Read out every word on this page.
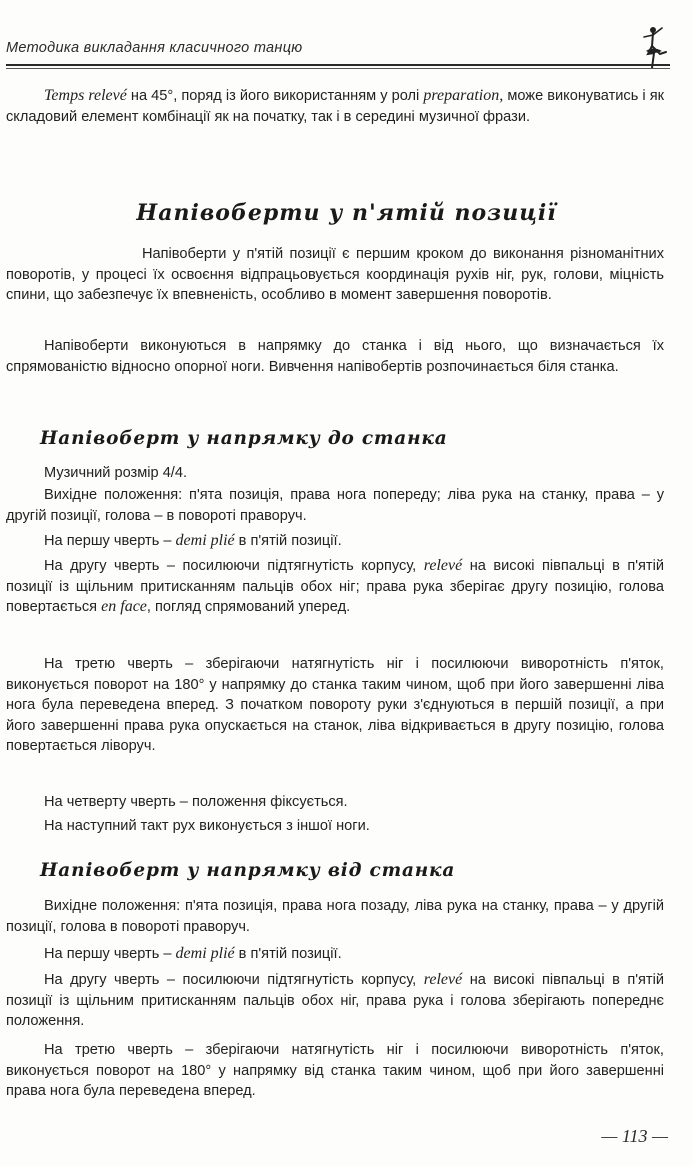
Методика викладання класичного танцю

Temps relevé на 45°, поряд із його використанням у ролі preparation, може виконуватись і як складовий елемент комбінації як на початку, так і в середині музичної фрази.

Напівоберти у п'ятій позиції

Напівоберти у п'ятій позиції є першим кроком до виконання різноманітних поворотів, у процесі їх освоєння відпрацьовується координація рухів ніг, рук, голови, міцність спини, що забезпечує їх впевненість, особливо в момент завершення поворотів.

Напівоберти виконуються в напрямку до станка і від нього, що визначається їх спрямованістю відносно опорної ноги. Вивчення напівобертів розпочинається біля станка.

Напівоберт у напрямку до станка

Музичний розмір 4/4.

Вихідне положення: п'ята позиція, права нога попереду; ліва рука на станку, права – у другій позиції, голова – в повороті праворуч.

На першу чверть – demi plié в п'ятій позиції.

На другу чверть – посилюючи підтягнутість корпусу, relevé на високі півпальці в п'ятій позиції із щільним притисканням пальців обох ніг; права рука зберігає другу позицію, голова повертається en face, погляд спрямований уперед.

На третю чверть – зберігаючи натягнутість ніг і посилюючи виворотність п'яток, виконується поворот на 180° у напрямку до станка таким чином, щоб при його завершенні ліва нога була переведена вперед. З початком повороту руки з'єднуються в першій позиції, а при його завершенні права рука опускається на станок, ліва відкривається в другу позицію, голова повертається ліворуч.

На четверту чверть – положення фіксується.

На наступний такт рух виконується з іншої ноги.

Напівоберт у напрямку від станка

Вихідне положення: п'ята позиція, права нога позаду, ліва рука на станку, права – у другій позиції, голова в повороті праворуч.

На першу чверть – demi plié в п'ятій позиції.

На другу чверть – посилюючи підтягнутість корпусу, relevé на високі півпальці в п'ятій позиції із щільним притисканням пальців обох ніг, права рука і голова зберігають попереднє положення.

На третю чверть – зберігаючи натягнутість ніг і посилюючи виворотність п'яток, виконується поворот на 180° у напрямку від станка таким чином, щоб при його завершенні права нога була переведена вперед.

— 113 —
